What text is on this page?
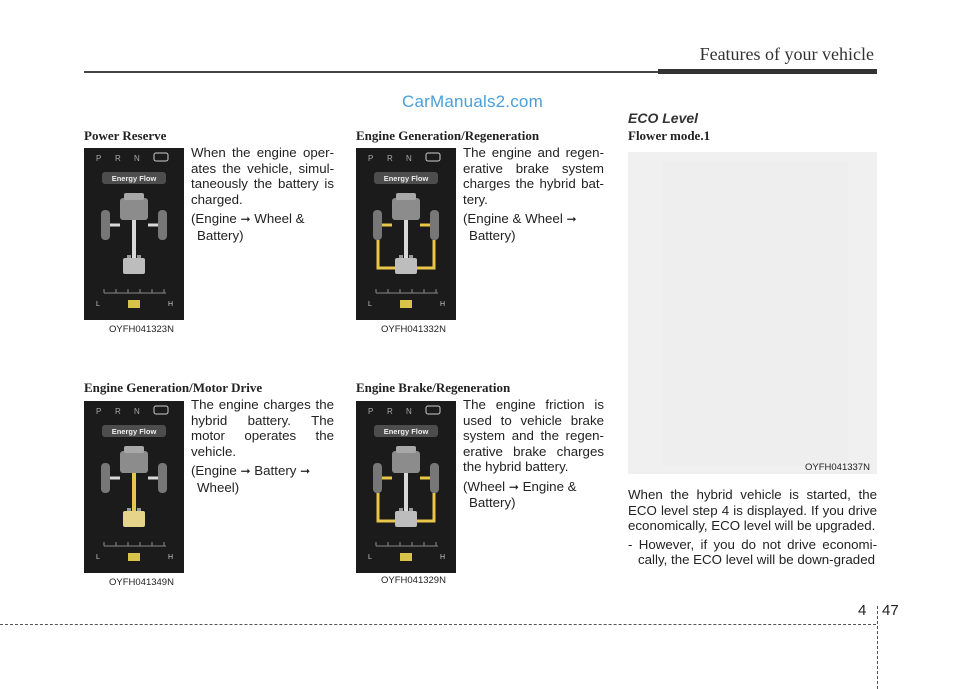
Features of your vehicle
CarManuals2.com
Power Reserve
P R N
Energy Flow
L	H

When the engine oper-ates the vehicle, simul-taneously the battery is charged.

(Engine ➞ Wheel &
Battery)

OYFH041323N
Engine Generation/Regeneration
P R N
Energy Flow
L	H

The engine and regen-erative brake system charges the hybrid bat-tery.

(Engine & Wheel ➞
Battery)

OYFH041332N
Engine Generation/Motor Drive
P R N
Energy Flow
L	H

The engine charges the hybrid battery. The motor operates the vehicle.

(Engine ➞ Battery ➞
Wheel)

OYFH041349N
Engine Brake/Regeneration
P R N
Energy Flow
L	H

The engine friction is used to vehicle brake system and the regen-erative brake charges the hybrid battery.

(Wheel ➞ Engine &
Battery)

OYFH041329N
ECO Level
Flower mode.1
OYFH041337N

When the hybrid vehicle is started, the ECO level step 4 is displayed. If you drive economically, ECO level will be upgraded.

- However, if you do not drive economi-cally, the ECO level will be down-graded

4 47
